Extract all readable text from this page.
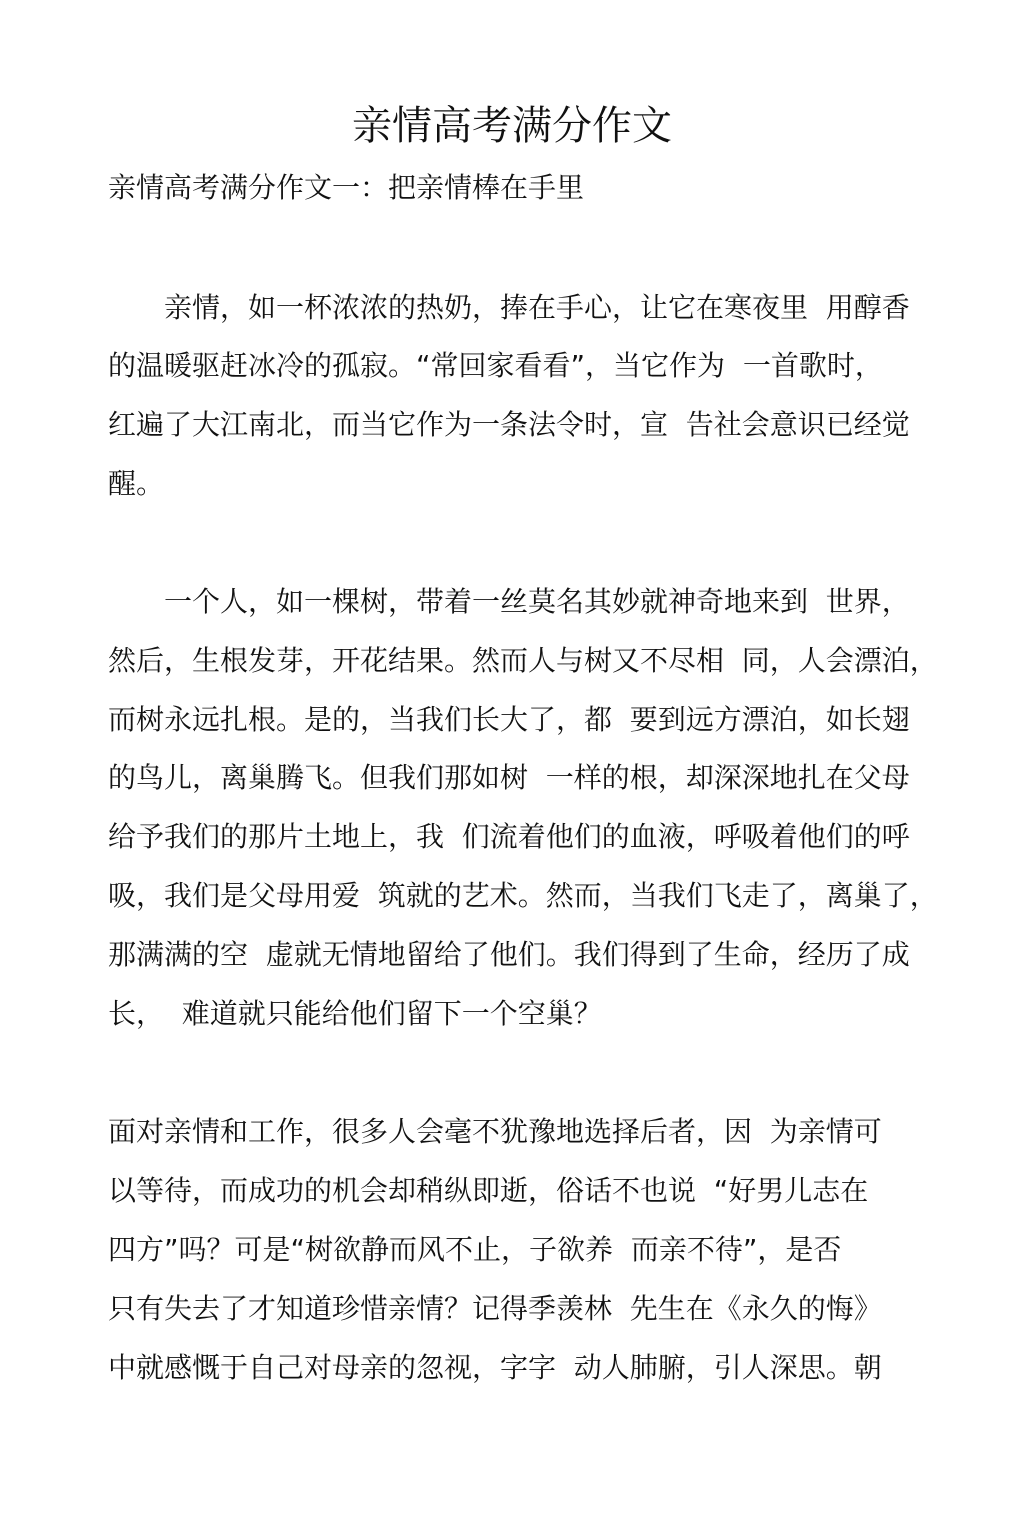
亲情高考满分作文
亲情高考满分作文一：把亲情棒在手里
　　亲情，如一杯浓浓的热奶，捧在手心，让它在寒夜里  用醇香
的温暖驱赶冰冷的孤寂。“常回家看看”，当它作为  一首歌时，
红遍了大江南北，而当它作为一条法令时，宣  告社会意识已经觉
醒。
　　一个人，如一棵树，带着一丝莫名其妙就神奇地来到  世界，
然后，生根发芽，开花结果。然而人与树又不尽相  同，人会漂泊，
而树永远扎根。是的，当我们长大了，都  要到远方漂泊，如长翅
的鸟儿，离巢腾飞。但我们那如树  一样的根，却深深地扎在父母
给予我们的那片土地上，我  们流着他们的血液，呼吸着他们的呼
吸，我们是父母用爱  筑就的艺术。然而，当我们飞走了，离巢了，
那满满的空  虚就无情地留给了他们。我们得到了生命，经历了成
长，  难道就只能给他们留下一个空巢？
面对亲情和工作，很多人会毫不犹豫地选择后者，因  为亲情可
以等待，而成功的机会却稍纵即逝，俗话不也说  “好男儿志在
四方”吗？可是“树欲静而风不止，子欲养  而亲不待”，是否
只有失去了才知道珍惜亲情？记得季羡林  先生在《永久的悔》
中就感慨于自己对母亲的忽视，字字  动人肺腑，引人深思。朝
